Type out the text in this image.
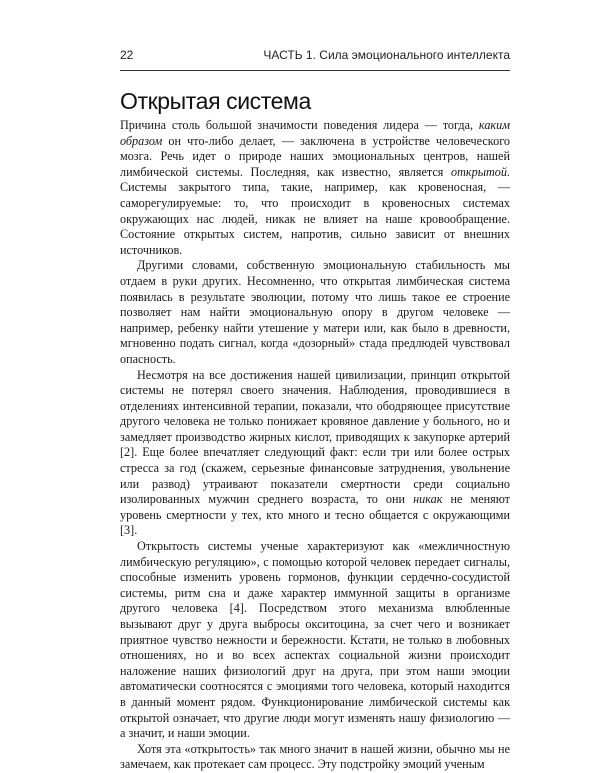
22	ЧАСТЬ 1. Сила эмоционального интеллекта
Открытая система

Причина столь большой значимости поведения лидера — тогда, каким образом он что-либо делает, — заключена в устройстве человеческого мозга. Речь идет о природе наших эмоциональных центров, нашей лимбической системы. Последняя, как известно, является открытой. Системы закрытого типа, такие, например, как кровеносная, — саморегулируемые: то, что происходит в кровеносных системах окружающих нас людей, никак не влияет на наше кровообращение. Состояние открытых систем, напротив, сильно зависит от внешних источников.

Другими словами, собственную эмоциональную стабильность мы отдаем в руки других. Несомненно, что открытая лимбическая система появилась в результате эволюции, потому что лишь такое ее строение позволяет нам найти эмоциональную опору в другом человеке — например, ребенку найти утешение у матери или, как было в древности, мгновенно подать сигнал, когда «дозорный» стада предлюдей чувствовал опасность.

Несмотря на все достижения нашей цивилизации, принцип открытой системы не потерял своего значения. Наблюдения, проводившиеся в отделениях интенсивной терапии, показали, что ободряющее присутствие другого человека не только понижает кровяное давление у больного, но и замедляет производство жирных кислот, приводящих к закупорке артерий [2]. Еще более впечатляет следующий факт: если три или более острых стресса за год (скажем, серьезные финансовые затруднения, увольнение или развод) утраивают показатели смертности среди социально изолированных мужчин среднего возраста, то они никак не меняют уровень смертности у тех, кто много и тесно общается с окружающими [3].

Открытость системы ученые характеризуют как «межличностную лимбическую регуляцию», с помощью которой человек передает сигналы, способные изменить уровень гормонов, функции сердечно-сосудистой системы, ритм сна и даже характер иммунной защиты в организме другого человека [4]. Посредством этого механизма влюбленные вызывают друг у друга выбросы окситоцина, за счет чего и возникает приятное чувство нежности и бережности. Кстати, не только в любовных отношениях, но и во всех аспектах социальной жизни происходит наложение наших физиологий друг на друга, при этом наши эмоции автоматически соотносятся с эмоциями того человека, который находится в данный момент рядом. Функционирование лимбической системы как открытой означает, что другие люди могут изменять нашу физиологию — а значит, и наши эмоции.

Хотя эта «открытость» так много значит в нашей жизни, обычно мы не замечаем, как протекает сам процесс. Эту подстройку эмоций ученым
